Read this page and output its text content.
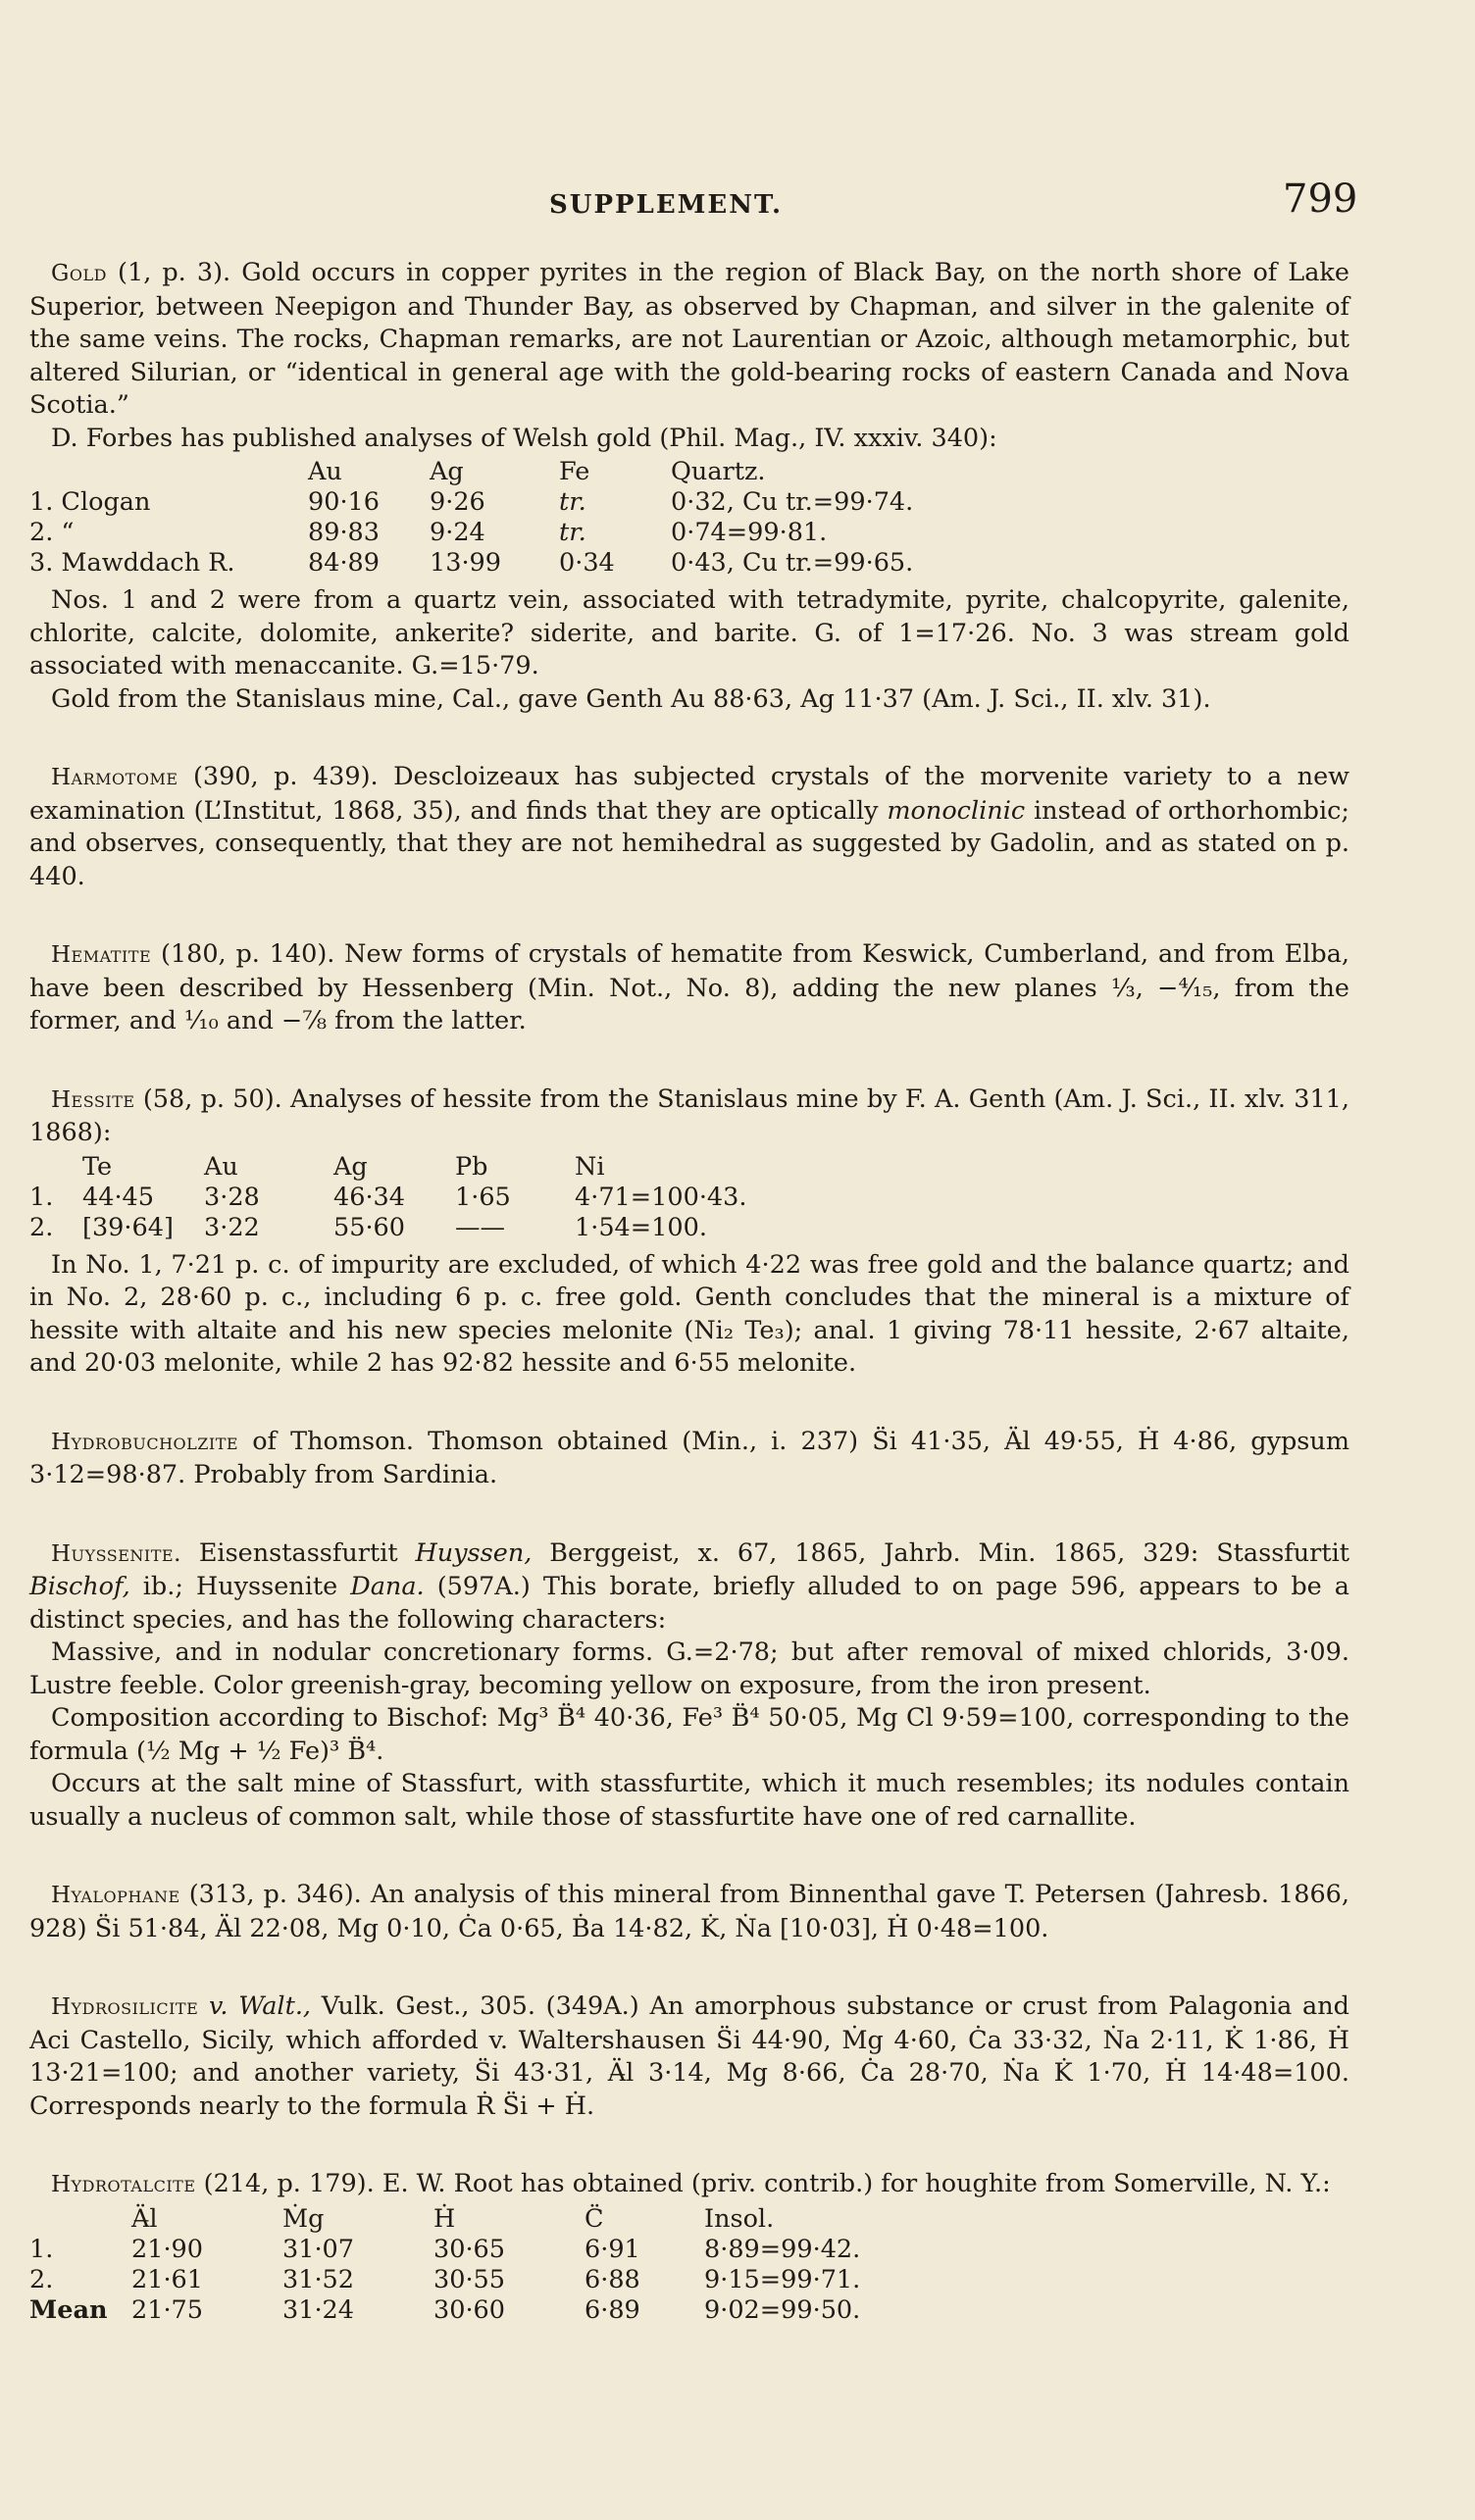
SUPPLEMENT.	799

Gold (1, p. 3). Gold occurs in copper pyrites in the region of Black Bay, on the north shore of Lake Superior, between Neepigon and Thunder Bay, as observed by Chapman, and silver in the galenite of the same veins. The rocks, Chapman remarks, are not Laurentian or Azoic, although metamorphic, but altered Silurian, or “identical in general age with the gold-bearing rocks of eastern Canada and Nova Scotia.”

D. Forbes has published analyses of Welsh gold (Phil. Mag., IV. xxxiv. 340):

	Au	Ag	Fe	Quartz.
1. Clogan	90·16	9·26	tr.	0·32, Cu tr.=99·74.
2. “	89·83	9·24	tr.	0·74=99·81.
3. Mawddach R.	84·89	13·99	0·34	0·43, Cu tr.=99·65.

Nos. 1 and 2 were from a quartz vein, associated with tetradymite, pyrite, chalcopyrite, galenite, chlorite, calcite, dolomite, ankerite? siderite, and barite. G. of 1=17·26. No. 3 was stream gold associated with menaccanite. G.=15·79.

Gold from the Stanislaus mine, Cal., gave Genth Au 88·63, Ag 11·37 (Am. J. Sci., II. xlv. 31).

Harmotome (390, p. 439). Descloizeaux has subjected crystals of the morvenite variety to a new examination (L’Institut, 1868, 35), and finds that they are optically monoclinic instead of orthorhombic; and observes, consequently, that they are not hemihedral as suggested by Gadolin, and as stated on p. 440.

Hematite (180, p. 140). New forms of crystals of hematite from Keswick, Cumberland, and from Elba, have been described by Hessenberg (Min. Not., No. 8), adding the new planes ⅓, −⁴⁄₁₅, from the former, and ¹⁄₁₀ and −⅞ from the latter.

Hessite (58, p. 50). Analyses of hessite from the Stanislaus mine by F. A. Genth (Am. J. Sci., II. xlv. 311, 1868):

	Te	Au	Ag	Pb	Ni
1.	44·45	3·28	46·34	1·65	4·71=100·43.
2.	[39·64]	3·22	55·60	——	1·54=100.

In No. 1, 7·21 p. c. of impurity are excluded, of which 4·22 was free gold and the balance quartz; and in No. 2, 28·60 p. c., including 6 p. c. free gold. Genth concludes that the mineral is a mixture of hessite with altaite and his new species melonite (Ni₂ Te₃); anal. 1 giving 78·11 hessite, 2·67 altaite, and 20·03 melonite, while 2 has 92·82 hessite and 6·55 melonite.

Hydrobucholzite of Thomson. Thomson obtained (Min., i. 237) S̈i 41·35, Ä̶l 49·55, Ḣ 4·86, gypsum 3·12=98·87. Probably from Sardinia.

Huyssenite. Eisenstassfurtit Huyssen, Berggeist, x. 67, 1865, Jahrb. Min. 1865, 329: Stassfurtit Bischof, ib.; Huyssenite Dana. (597A.) This borate, briefly alluded to on page 596, appears to be a distinct species, and has the following characters:

Massive, and in nodular concretionary forms. G.=2·78; but after removal of mixed chlorids, 3·09. Lustre feeble. Color greenish-gray, becoming yellow on exposure, from the iron present.

Composition according to Bischof: Mg³ B̈⁴ 40·36, Fe³ B̈⁴ 50·05, Mg Cl 9·59=100, corresponding to the formula (½ Mg + ½ Fe)³ B̈⁴.

Occurs at the salt mine of Stassfurt, with stassfurtite, which it much resembles; its nodules contain usually a nucleus of common salt, while those of stassfurtite have one of red carnallite.

Hyalophane (313, p. 346). An analysis of this mineral from Binnenthal gave T. Petersen (Jahresb. 1866, 928) S̈i 51·84, Ä̶l 22·08, Mg 0·10, Ċa 0·65, Ḃa 14·82, K̇, Ṅa [10·03], Ḣ 0·48=100.

Hydrosilicite v. Walt., Vulk. Gest., 305. (349A.) An amorphous substance or crust from Palagonia and Aci Castello, Sicily, which afforded v. Waltershausen S̈i 44·90, Ṁg 4·60, Ċa 33·32, Ṅa 2·11, K̇ 1·86, Ḣ 13·21=100; and another variety, S̈i 43·31, Ä̶l 3·14, Mg 8·66, Ċa 28·70, Ṅa K̇ 1·70, Ḣ 14·48=100. Corresponds nearly to the formula Ṙ S̈i + Ḣ.

Hydrotalcite (214, p. 179). E. W. Root has obtained (priv. contrib.) for houghite from Somerville, N. Y.:

	Ä̶l	Ṁg	Ḣ	C̈	Insol.
1.	21·90	31·07	30·65	6·91	8·89=99·42.
2.	21·61	31·52	30·55	6·88	9·15=99·71.
Mean	21·75	31·24	30·60	6·89	9·02=99·50.
